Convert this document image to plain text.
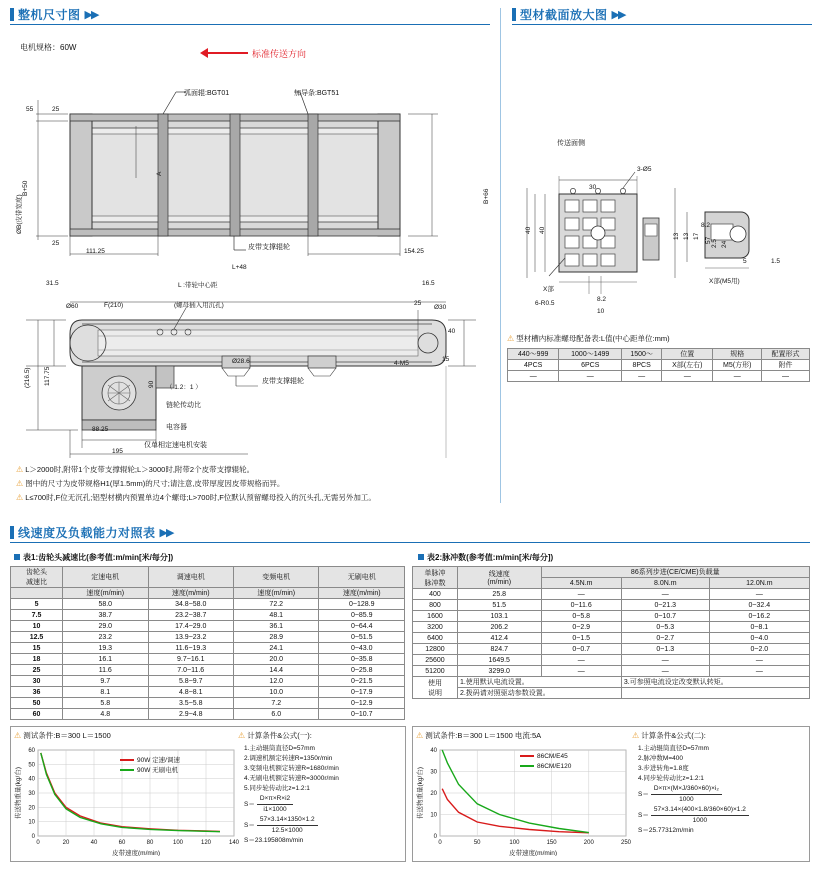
整机尺寸图 ▶▶	型材截面放大图 ▶▶
电机规格：60W
标准传送方向
弧面辊:BGT01	加导条:BGT51
皮带支撑辊轮
55	25
25
B+50
ØB(皮带宽度)	B+66
A
111.25	154.25
L+48
31.5	L :带轮中心距	16.5
Ø60	F(210)	(螺母插入用沉孔)	25
Ø30
40
15
Ø28.6	4-M5
皮带支撑辊轮
(216.5) 117.75	90 （ 1.2：1 ）
链轮传动比
电容器
仅单相定速电机安装
88.25
195
⚠ L＞2000时,附带1个皮带支撑辊轮;L＞3000时,附带2个皮带支撑辊轮。
⚠ 图中的尺寸为皮带规格H1(厚1.5mm)的尺寸;请注意,皮带厚度因皮带规格而异。
⚠ L≤700时,F位无沉孔;铝型材横内预置单边4个螺母;L>700时,F位默认预留螺母投入的沉头孔,无需另外加工。
传送面侧
30
3-Ø5
40 40
13 13 17
57
X部
6-R0.5
8.2
10
24
2.5
8.2
5	1.5
X部(M5用)
⚠ 型材槽内标准螺母配备表:L值(中心距单位:mm)
440～999	1000～1499	1500～	位置	规格	配置形式
4PCS	6PCS	8PCS	X部(左右)	M5(方形)	附件
—	—	—	—	—	—
线速度及负载能力对照表 ▶▶
表1:齿轮头减速比(参考值:m/min[米/每分])	表2:脉冲数(参考值:m/min[米/每分])
齿轮头
减速比	定速电机	调速电机	变频电机	无刷电机
	速度(m/min)	速度(m/min)	速度(m/min)	速度(m/min)
5	58.0	34.8~58.0	72.2	0~128.9
7.5	38.7	23.2~38.7	48.1	0~85.9
10	29.0	17.4~29.0	36.1	0~64.4
12.5	23.2	13.9~23.2	28.9	0~51.5
15	19.3	11.6~19.3	24.1	0~43.0
18	16.1	9.7~16.1	20.0	0~35.8
25	11.6	7.0~11.6	14.4	0~25.8
30	9.7	5.8~9.7	12.0	0~21.5
36	8.1	4.8~8.1	10.0	0~17.9
50	5.8	3.5~5.8	7.2	0~12.9
60	4.8	2.9~4.8	6.0	0~10.7
单脉冲
脉冲数	线速度
(m/min)	86系列步进(CE/CME)负载量		
		4.5N.m	8.0N.m	12.0N.m
400	25.8	—	—	—
800	51.5	0~11.6	0~21.3	0~32.4
1600	103.1	0~5.8	0~10.7	0~16.2
3200	206.2	0~2.9	0~5.3	0~8.1
6400	412.4	0~1.5	0~2.7	0~4.0
12800	824.7	0~0.7	0~1.3	0~2.0
25600	1649.5	—	—	—
51200	3299.0	—	—	—
使用
说明	1.使用默认电流设置。		3.可参照电流设定改变默认转矩。	
	2.拨码请对照驱动参数设置。			
⚠ 测试条件:B＝300 L＝1500	⚠ 计算条件&公式(一):
1.主动辊筒直径D=57mm
2.调速机额定转速R=1350r/min
3.变频电机额定转速R=1680r/min
4.无刷电机额定转速R=3000r/min
5.同步轮传动比z=1.2:1
S＝
D×π×R×i2
i1×1000
S＝
57×3.14×1350×1.2
12.5×1000
S＝23.195808m/min
0	20	40	60	80	100	120	140
0
10
20
30
40
50
60
皮带速度(m/min)
传送物重量(kg/台)
90W 定速/调速
90W 无刷电机
⚠ 测试条件:B＝300 L＝1500 电流:5A	⚠ 计算条件&公式(二):
1.主动辊筒直径D=57mm
2.脉冲数M=400
3.步进转角=1.8度
4.同步轮传动比z=1.2:1
S＝
D×π×(M×J/360×60)×i₂
1000
S＝
57×3.14×(400×1.8/360×60)×1.2
1000
S＝25.77312m/min
0	50	100	150	200	250
0
10
20
30
40
皮带速度(m/min)
传送物重量(kg/台)
86CM/E45
86CM/E120
